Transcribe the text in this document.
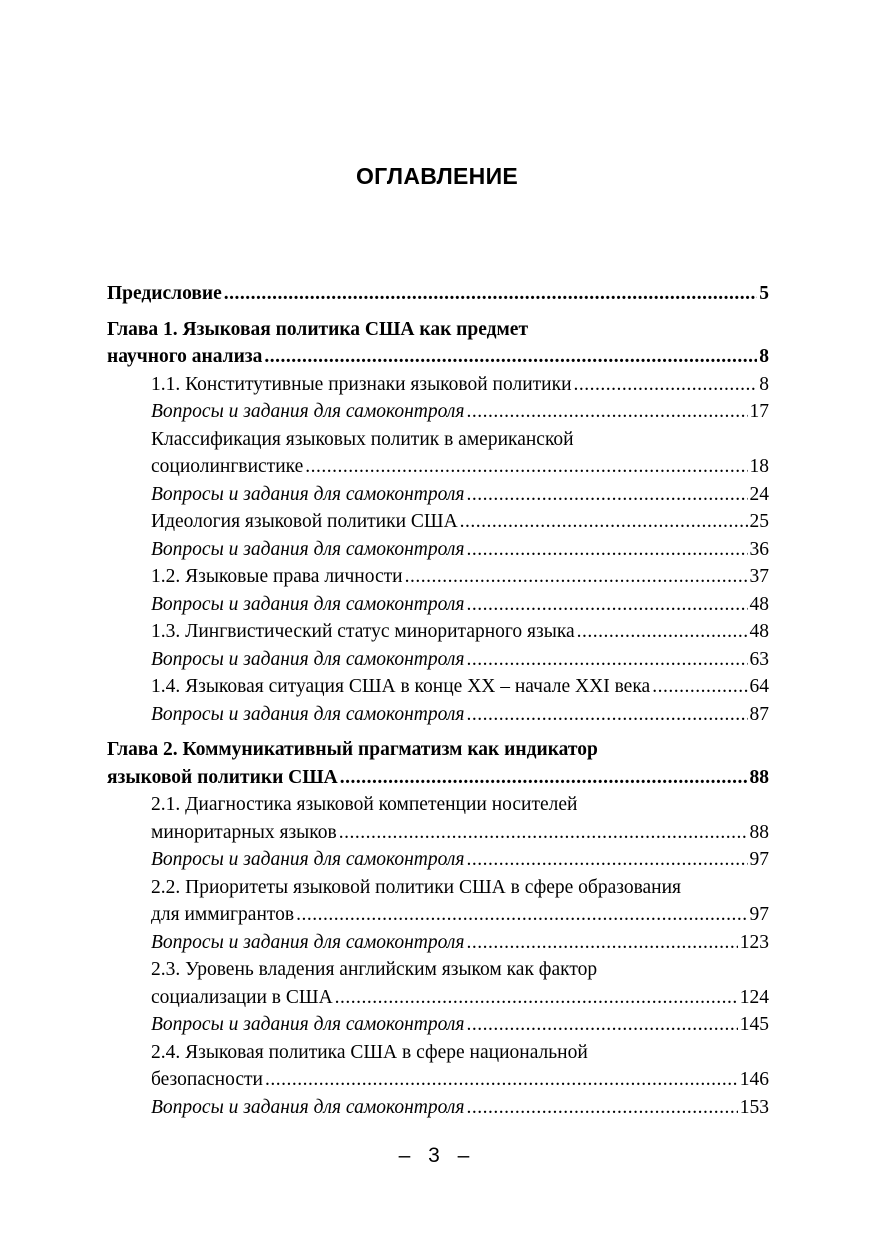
ОГЛАВЛЕНИЕ
Предисловие .....	5
Глава 1. Языковая политика США как предмет
научного анализа .....	8
1.1. Конститутивные признаки языковой политики .....	8
Вопросы и задания для самоконтроля .....	17
Классификация языковых политик в американской
социолингвистике .....	18
Вопросы и задания для самоконтроля .....	24
Идеология языковой политики США .....	25
Вопросы и задания для самоконтроля .....	36
1.2. Языковые права личности .....	37
Вопросы и задания для самоконтроля .....	48
1.3. Лингвистический статус миноритарного языка .....	48
Вопросы и задания для самоконтроля .....	63
1.4. Языковая ситуация США в конце XX – начале XXI века .....	64
Вопросы и задания для самоконтроля .....	87
Глава 2. Коммуникативный прагматизм как индикатор
языковой политики США .....	88
2.1. Диагностика языковой компетенции носителей
миноритарных языков .....	88
Вопросы и задания для самоконтроля .....	97
2.2. Приоритеты языковой политики США в сфере образования
для иммигрантов .....	97
Вопросы и задания для самоконтроля .....	123
2.3. Уровень владения английским языком как фактор
социализации в США .....	124
Вопросы и задания для самоконтроля .....	145
2.4. Языковая политика США в сфере национальной
безопасности .....	146
Вопросы и задания для самоконтроля .....	153
– 3 –
